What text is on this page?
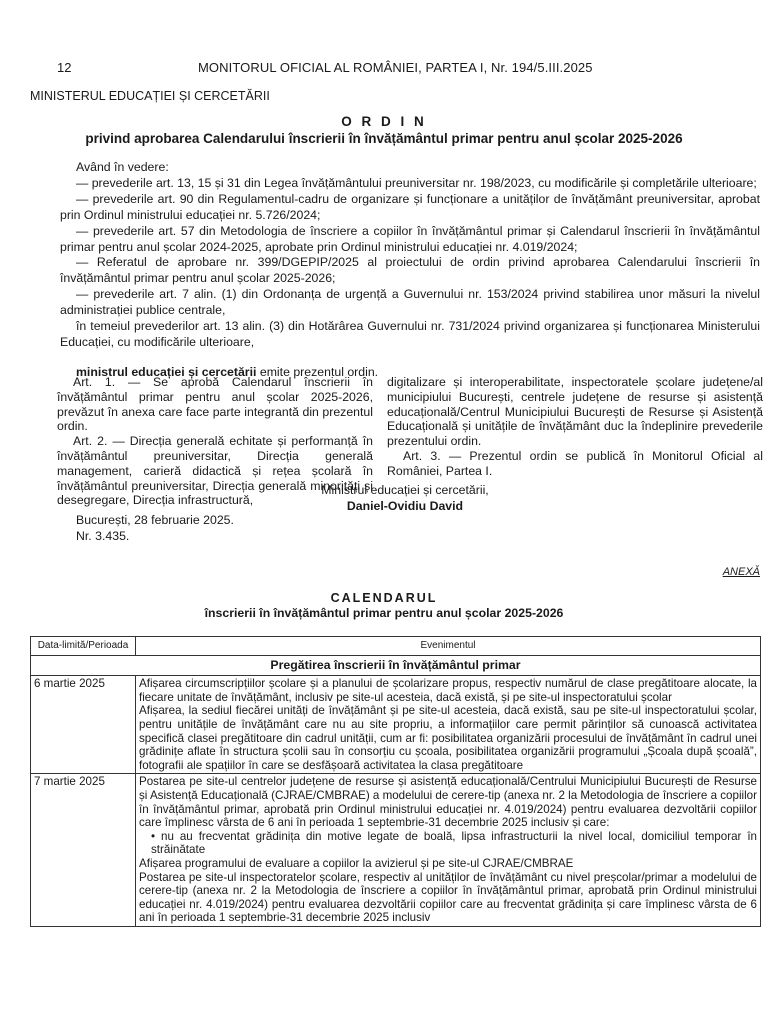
12	MONITORUL OFICIAL AL ROMÂNIEI, PARTEA I, Nr. 194/5.III.2025
MINISTERUL EDUCAȚIEI ȘI CERCETĂRII
O R D I N
privind aprobarea Calendarului înscrierii în învățământul primar pentru anul școlar 2025-2026

Având în vedere:

— prevederile art. 13, 15 și 31 din Legea învățământului preuniversitar nr. 198/2023, cu modificările și completările ulterioare;

— prevederile art. 90 din Regulamentul-cadru de organizare și funcționare a unităților de învățământ preuniversitar, aprobat prin Ordinul ministrului educației nr. 5.726/2024;

— prevederile art. 57 din Metodologia de înscriere a copiilor în învățământul primar și Calendarul înscrierii în învățământul primar pentru anul școlar 2024-2025, aprobate prin Ordinul ministrului educației nr. 4.019/2024;

— Referatul de aprobare nr. 399/DGEPIP/2025 al proiectului de ordin privind aprobarea Calendarului înscrierii în învățământul primar pentru anul școlar 2025-2026;

— prevederile art. 7 alin. (1) din Ordonanța de urgență a Guvernului nr. 153/2024 privind stabilirea unor măsuri la nivelul administrației publice centrale,

în temeiul prevederilor art. 13 alin. (3) din Hotărârea Guvernului nr. 731/2024 privind organizarea și funcționarea Ministerului Educației, cu modificările ulterioare,

ministrul educației și cercetării emite prezentul ordin.

Art. 1. — Se aprobă Calendarul înscrierii în învățământul primar pentru anul școlar 2025-2026, prevăzut în anexa care face parte integrantă din prezentul ordin.

Art. 2. — Direcția generală echitate și performanță în învățământul preuniversitar, Direcția generală management, carieră didactică și rețea școlară în învățământul preuniversitar, Direcția generală minorități și desegregare, Direcția infrastructură,

digitalizare și interoperabilitate, inspectoratele școlare județene/al municipiului București, centrele județene de resurse și asistență educațională/Centrul Municipiului București de Resurse și Asistență Educațională și unitățile de învățământ duc la îndeplinire prevederile prezentului ordin.

Art. 3. — Prezentul ordin se publică în Monitorul Oficial al României, Partea I.

Ministrul educației și cercetării,
Daniel-Ovidiu David
București, 28 februarie 2025.
Nr. 3.435.
ANEXĂ
CALENDARUL
înscrierii în învățământul primar pentru anul școlar 2025-2026
Data-limită/Perioada	Evenimentul
Pregătirea înscrierii în învățământul primar	
6 martie 2025	Afișarea circumscripțiilor școlare și a planului de școlarizare propus, respectiv numărul de clase pregătitoare alocate, la fiecare unitate de învățământ, inclusiv pe site-ul acesteia, dacă există, și pe site-ul inspectoratului școlar

Afișarea, la sediul fiecărei unități de învățământ și pe site-ul acesteia, dacă există, sau pe site-ul inspectoratului școlar, pentru unitățile de învățământ care nu au site propriu, a informațiilor care permit părinților să cunoască activitatea specifică clasei pregătitoare din cadrul unității, cum ar fi: posibilitatea organizării procesului de învățământ în cadrul unei grădinițe aflate în structura școlii sau în consorțiu cu școala, posibilitatea organizării programului „Școala după școală”, fotografii ale spațiilor în care se desfășoară activitatea la clasa pregătitoare

7 martie 2025	Postarea pe site-ul centrelor județene de resurse și asistență educațională/Centrului Municipiului București de Resurse și Asistență Educațională (CJRAE/CMBRAE) a modelului de cerere-tip (anexa nr. 2 la Metodologia de înscriere a copiilor în învățământul primar, aprobată prin Ordinul ministrului educației nr. 4.019/2024) pentru evaluarea dezvoltării copiilor care împlinesc vârsta de 6 ani în perioada 1 septembrie-31 decembrie 2025 inclusiv și care:

• nu au frecventat grădinița din motive legate de boală, lipsa infrastructurii la nivel local, domiciliul temporar în străinătate

Afișarea programului de evaluare a copiilor la avizierul și pe site-ul CJRAE/CMBRAE

Postarea pe site-ul inspectoratelor școlare, respectiv al unităților de învățământ cu nivel preșcolar/primar a modelului de cerere-tip (anexa nr. 2 la Metodologia de înscriere a copiilor în învățământul primar, aprobată prin Ordinul ministrului educației nr. 4.019/2024) pentru evaluarea dezvoltării copiilor care au frecventat grădinița și care împlinesc vârsta de 6 ani în perioada 1 septembrie-31 decembrie 2025 inclusiv
